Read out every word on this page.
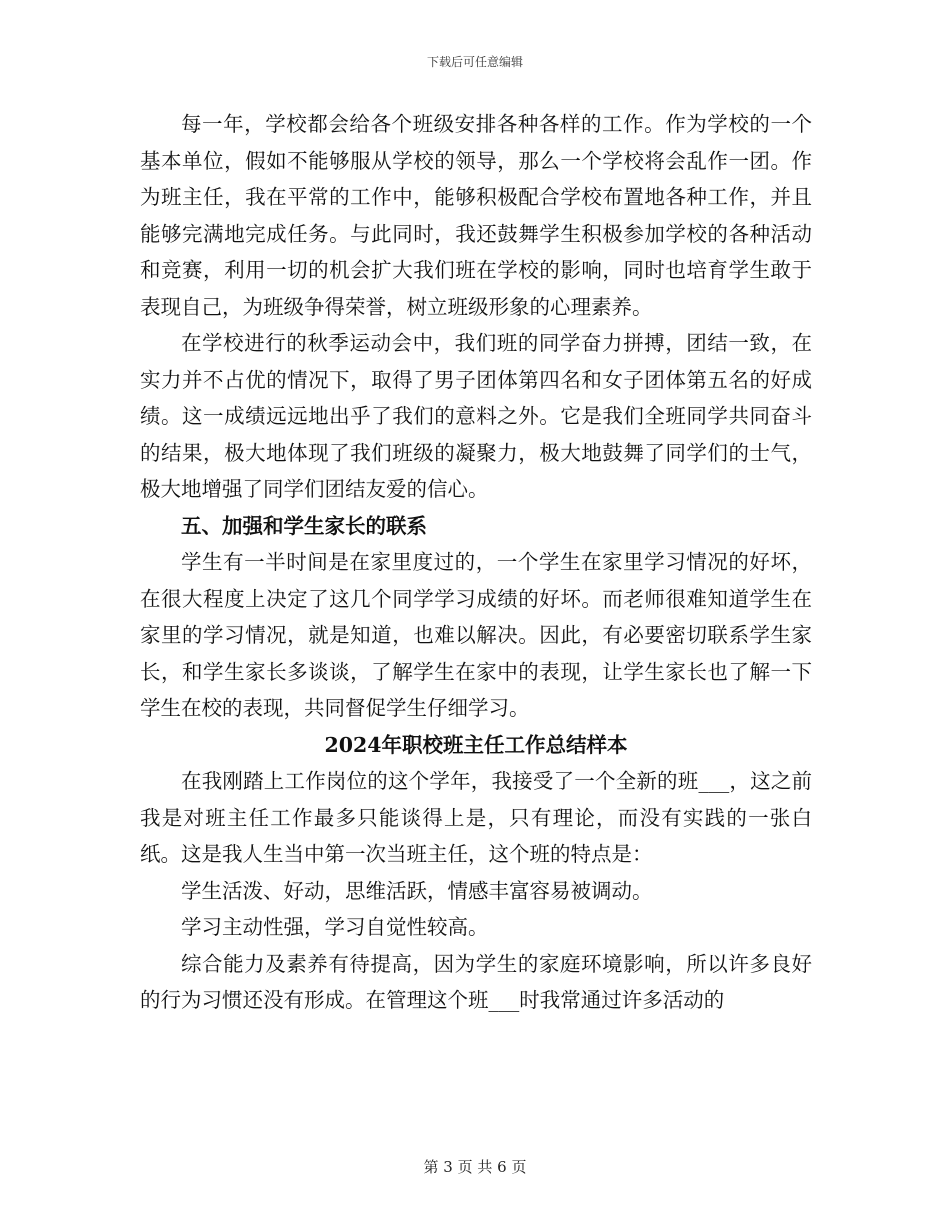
下载后可任意编辑

每一年，学校都会给各个班级安排各种各样的工作。作为学校的一个基本单位，假如不能够服从学校的领导，那么一个学校将会乱作一团。作为班主任，我在平常的工作中，能够积极配合学校布置地各种工作，并且能够完满地完成任务。与此同时，我还鼓舞学生积极参加学校的各种活动和竞赛，利用一切的机会扩大我们班在学校的影响，同时也培育学生敢于表现自己，为班级争得荣誉，树立班级形象的心理素养。

在学校进行的秋季运动会中，我们班的同学奋力拼搏，团结一致，在实力并不占优的情况下，取得了男子团体第四名和女子团体第五名的好成绩。这一成绩远远地出乎了我们的意料之外。它是我们全班同学共同奋斗的结果，极大地体现了我们班级的凝聚力，极大地鼓舞了同学们的士气，极大地增强了同学们团结友爱的信心。

五、加强和学生家长的联系

学生有一半时间是在家里度过的，一个学生在家里学习情况的好坏，在很大程度上决定了这几个同学学习成绩的好坏。而老师很难知道学生在家里的学习情况，就是知道，也难以解决。因此，有必要密切联系学生家长，和学生家长多谈谈，了解学生在家中的表现，让学生家长也了解一下学生在校的表现，共同督促学生仔细学习。

2024年职校班主任工作总结样本

在我刚踏上工作岗位的这个学年，我接受了一个全新的班___，这之前我是对班主任工作最多只能谈得上是，只有理论，而没有实践的一张白纸。这是我人生当中第一次当班主任，这个班的特点是：

学生活泼、好动，思维活跃，情感丰富容易被调动。

学习主动性强，学习自觉性较高。

综合能力及素养有待提高，因为学生的家庭环境影响，所以许多良好的行为习惯还没有形成。在管理这个班___时我常通过许多活动的

第 3 页 共 6 页
